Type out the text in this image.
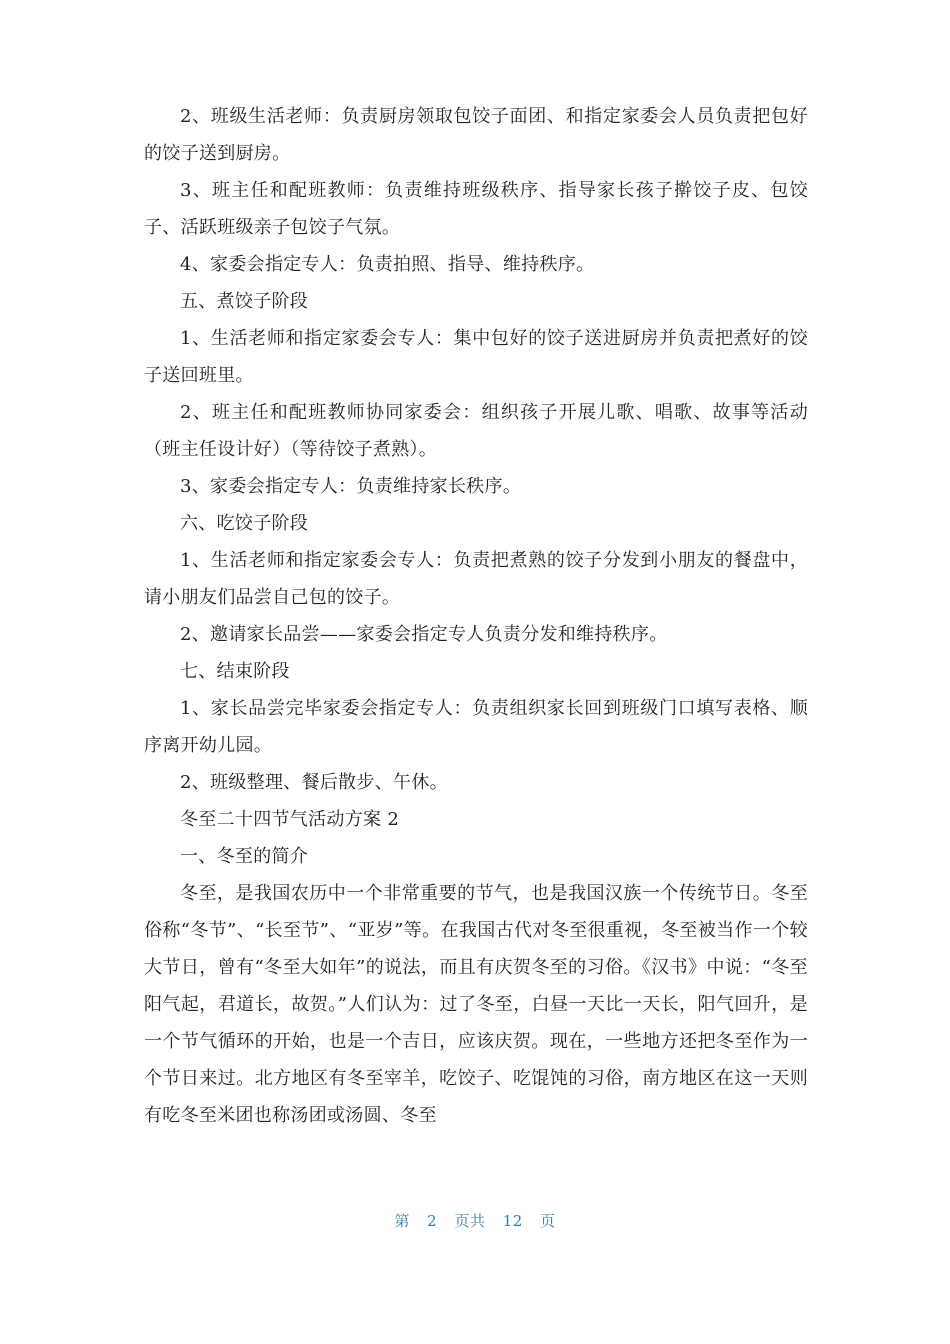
2、班级生活老师：负责厨房领取包饺子面团、和指定家委会人员负责把包好的饺子送到厨房。

3、班主任和配班教师：负责维持班级秩序、指导家长孩子擀饺子皮、包饺子、活跃班级亲子包饺子气氛。

4、家委会指定专人：负责拍照、指导、维持秩序。

五、煮饺子阶段

1、生活老师和指定家委会专人：集中包好的饺子送进厨房并负责把煮好的饺子送回班里。

2、班主任和配班教师协同家委会：组织孩子开展儿歌、唱歌、故事等活动（班主任设计好）（等待饺子煮熟）。

3、家委会指定专人：负责维持家长秩序。

六、吃饺子阶段

1、生活老师和指定家委会专人：负责把煮熟的饺子分发到小朋友的餐盘中，请小朋友们品尝自己包的饺子。

2、邀请家长品尝——家委会指定专人负责分发和维持秩序。

七、结束阶段

1、家长品尝完毕家委会指定专人：负责组织家长回到班级门口填写表格、顺序离开幼儿园。

2、班级整理、餐后散步、午休。

冬至二十四节气活动方案 2

一、冬至的简介

冬至，是我国农历中一个非常重要的节气，也是我国汉族一个传统节日。冬至俗称“冬节”、“长至节”、“亚岁”等。在我国古代对冬至很重视，冬至被当作一个较大节日，曾有“冬至大如年”的说法，而且有庆贺冬至的习俗。《汉书》中说：“冬至阳气起，君道长，故贺。”人们认为：过了冬至，白昼一天比一天长，阳气回升，是一个节气循环的开始，也是一个吉日，应该庆贺。现在，一些地方还把冬至作为一个节日来过。北方地区有冬至宰羊，吃饺子、吃馄饨的习俗，南方地区在这一天则有吃冬至米团也称汤团或汤圆、冬至

第 2 页共 12 页
